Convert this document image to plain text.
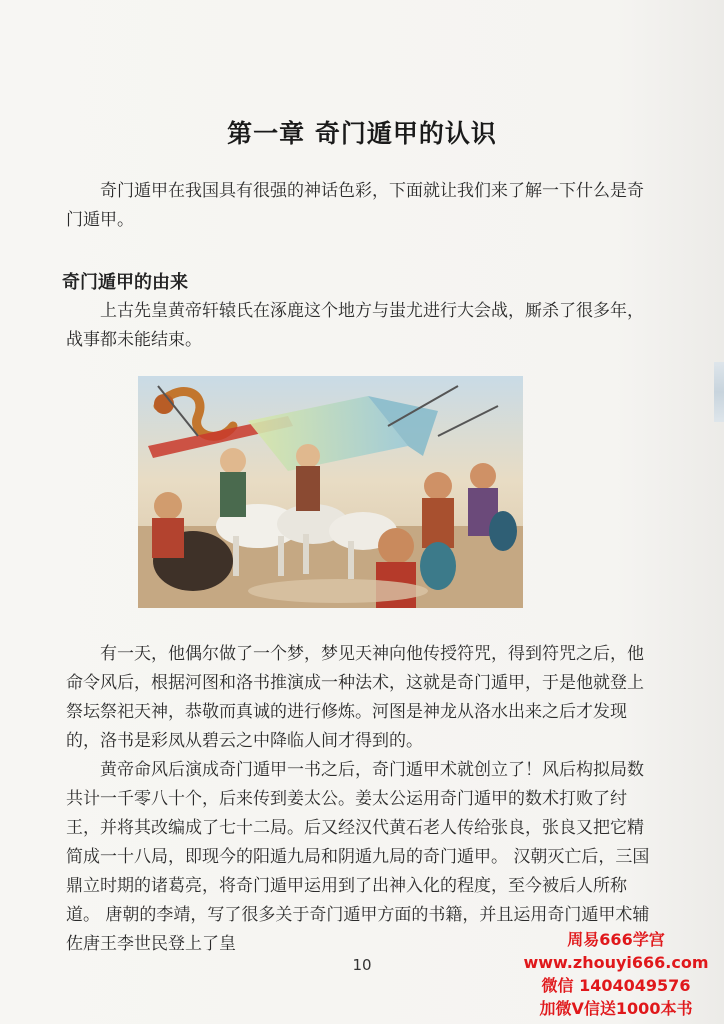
第一章 奇门遁甲的认识

奇门遁甲在我国具有很强的神话色彩，下面就让我们来了解一下什么是奇门遁甲。

奇门遁甲的由来

上古先皇黄帝轩辕氏在涿鹿这个地方与蚩尤进行大会战，厮杀了很多年，战事都未能结束。

有一天，他偶尔做了一个梦，梦见天神向他传授符咒，得到符咒之后，他命令风后，根据河图和洛书推演成一种法术，这就是奇门遁甲，于是他就登上祭坛祭祀天神，恭敬而真诚的进行修炼。河图是神龙从洛水出来之后才发现的，洛书是彩凤从碧云之中降临人间才得到的。

黄帝命风后演成奇门遁甲一书之后，奇门遁甲术就创立了！风后构拟局数共计一千零八十个，后来传到姜太公。姜太公运用奇门遁甲的数术打败了纣王，并将其改编成了七十二局。后又经汉代黄石老人传给张良，张良又把它精简成一十八局，即现今的阳遁九局和阴遁九局的奇门遁甲。 汉朝灭亡后，三国鼎立时期的诸葛亮，将奇门遁甲运用到了出神入化的程度，至今被后人所称道。 唐朝的李靖，写了很多关于奇门遁甲方面的书籍，并且运用奇门遁甲术辅佐唐王李世民登上了皇

10
周易666学宫
www.zhouyi666.com
微信 1404049576
加微V信送1000本书
